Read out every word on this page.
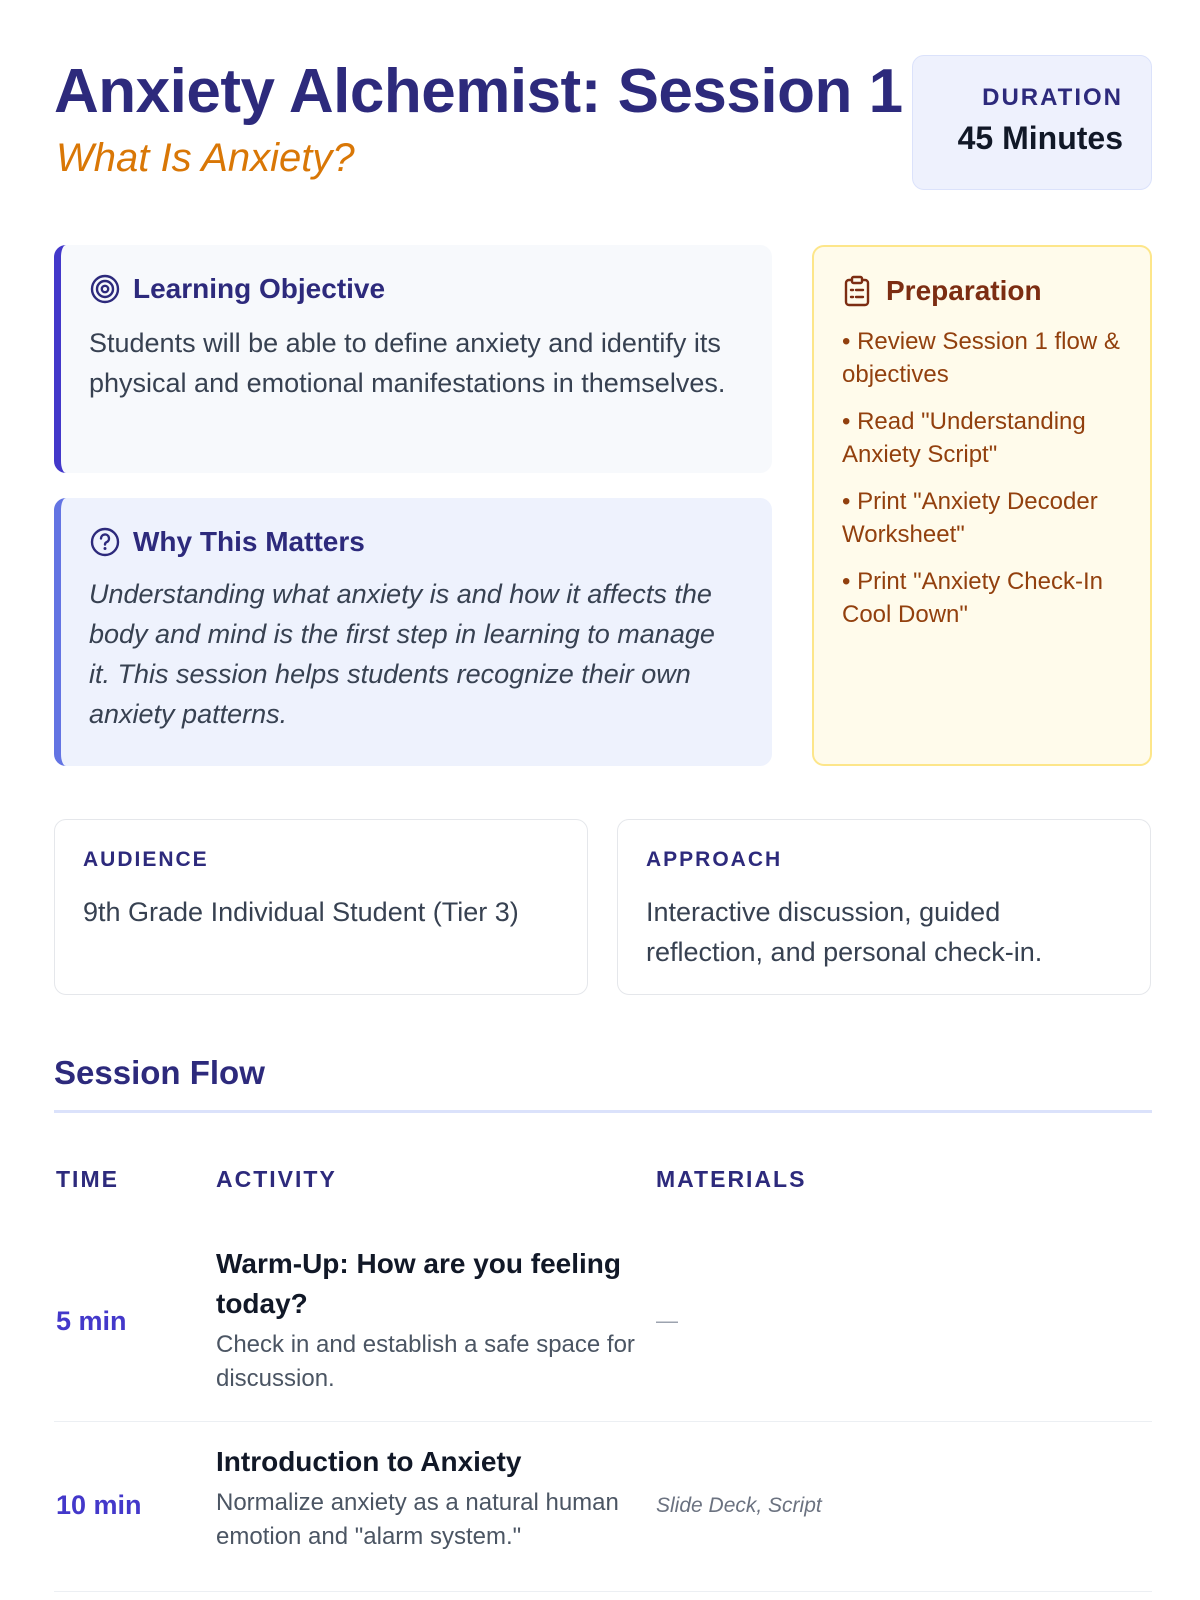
Anxiety Alchemist: Session 1
What Is Anxiety?
DURATION
45 Minutes
Learning Objective
Students will be able to define anxiety and identify its physical and emotional manifestations in themselves.
Why This Matters
Understanding what anxiety is and how it affects the body and mind is the first step in learning to manage it. This session helps students recognize their own anxiety patterns.
Preparation
• Review Session 1 flow & objectives
• Read "Understanding Anxiety Script"
• Print "Anxiety Decoder Worksheet"
• Print "Anxiety Check-In Cool Down"
AUDIENCE
9th Grade Individual Student (Tier 3)
APPROACH
Interactive discussion, guided reflection, and personal check-in.
Session Flow
TIME	ACTIVITY	MATERIALS
5 min
Warm-Up: How are you feeling today?
Check in and establish a safe space for discussion.
—
10 min
Introduction to Anxiety
Normalize anxiety as a natural human emotion and "alarm system."
Slide Deck, Script
